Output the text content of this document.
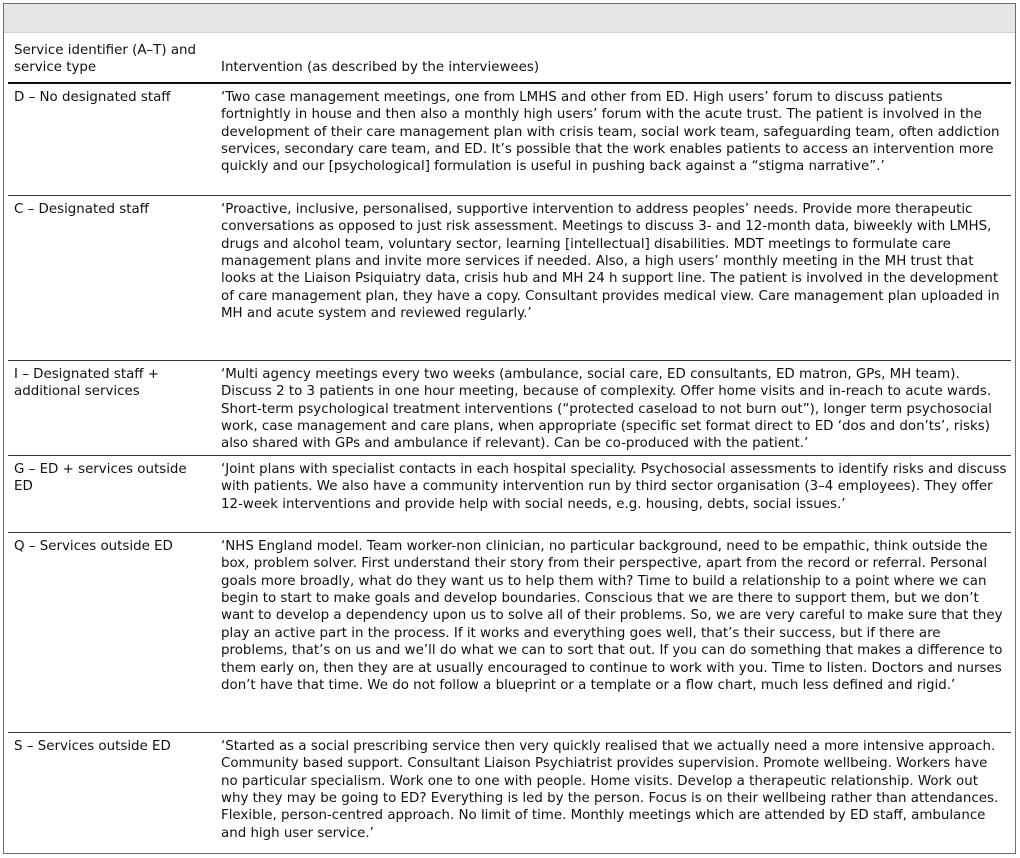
Service identifier (A–T) and service type	Intervention (as described by the interviewees)
D – No designated staff	‘Two case management meetings, one from LMHS and other from ED. High users’ forum to discuss patients fortnightly in house and then also a monthly high users’ forum with the acute trust. The patient is involved in the development of their care management plan with crisis team, social work team, safeguarding team, often addiction services, secondary care team, and ED. It’s possible that the work enables patients to access an intervention more quickly and our [psychological] formulation is useful in pushing back against a “stigma narrative”.’
C – Designated staff	‘Proactive, inclusive, personalised, supportive intervention to address peoples’ needs. Provide more therapeutic conversations as opposed to just risk assessment. Meetings to discuss 3- and 12-month data, biweekly with LMHS, drugs and alcohol team, voluntary sector, learning [intellectual] disabilities. MDT meetings to formulate care management plans and invite more services if needed. Also, a high users’ monthly meeting in the MH trust that looks at the Liaison Psiquiatry data, crisis hub and MH 24 h support line. The patient is involved in the development of care management plan, they have a copy. Consultant provides medical view. Care management plan uploaded in MH and acute system and reviewed regularly.’
I – Designated staff + additional services	‘Multi agency meetings every two weeks (ambulance, social care, ED consultants, ED matron, GPs, MH team). Discuss 2 to 3 patients in one hour meeting, because of complexity. Offer home visits and in-reach to acute wards. Short-term psychological treatment interventions (“protected caseload to not burn out”), longer term psychosocial work, case management and care plans, when appropriate (specific set format direct to ED ‘dos and don’ts’, risks) also shared with GPs and ambulance if relevant). Can be co-produced with the patient.’
G – ED + services outside ED	‘Joint plans with specialist contacts in each hospital speciality. Psychosocial assessments to identify risks and discuss with patients. We also have a community intervention run by third sector organisation (3–4 employees). They offer 12-week interventions and provide help with social needs, e.g. housing, debts, social issues.’
Q – Services outside ED	‘NHS England model. Team worker-non clinician, no particular background, need to be empathic, think outside the box, problem solver. First understand their story from their perspective, apart from the record or referral. Personal goals more broadly, what do they want us to help them with? Time to build a relationship to a point where we can begin to start to make goals and develop boundaries. Conscious that we are there to support them, but we don’t want to develop a dependency upon us to solve all of their problems. So, we are very careful to make sure that they play an active part in the process. If it works and everything goes well, that’s their success, but if there are problems, that’s on us and we’ll do what we can to sort that out. If you can do something that makes a difference to them early on, then they are at usually encouraged to continue to work with you. Time to listen. Doctors and nurses don’t have that time. We do not follow a blueprint or a template or a flow chart, much less defined and rigid.’
S – Services outside ED	‘Started as a social prescribing service then very quickly realised that we actually need a more intensive approach. Community based support. Consultant Liaison Psychiatrist provides supervision. Promote wellbeing. Workers have no particular specialism. Work one to one with people. Home visits. Develop a therapeutic relationship. Work out why they may be going to ED? Everything is led by the person. Focus is on their wellbeing rather than attendances. Flexible, person-centred approach. No limit of time. Monthly meetings which are attended by ED staff, ambulance and high user service.’
